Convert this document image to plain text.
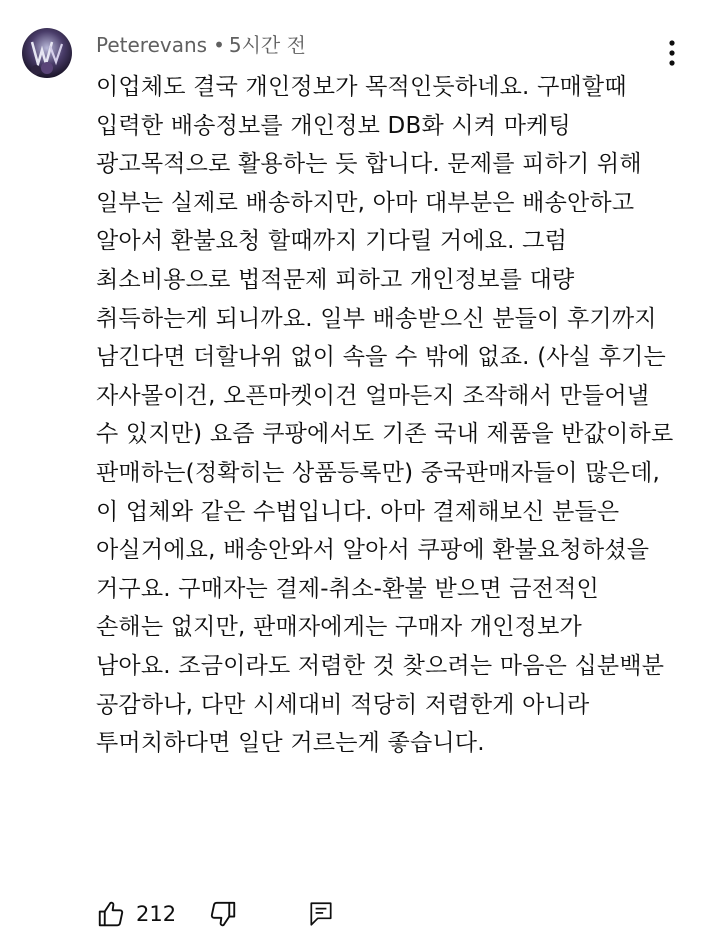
Peterevans • 5시간 전
이업체도 결국 개인정보가 목적인듯하네요. 구매할때
입력한 배송정보를 개인정보 DB화 시켜 마케팅
광고목적으로 활용하는 듯 합니다. 문제를 피하기 위해
일부는 실제로 배송하지만, 아마 대부분은 배송안하고
알아서 환불요청 할때까지 기다릴 거에요. 그럼
최소비용으로 법적문제 피하고 개인정보를 대량
취득하는게 되니까요. 일부 배송받으신 분들이 후기까지
남긴다면 더할나위 없이 속을 수 밖에 없죠. (사실 후기는
자사몰이건, 오픈마켓이건 얼마든지 조작해서 만들어낼
수 있지만) 요즘 쿠팡에서도 기존 국내 제품을 반값이하로
판매하는(정확히는 상품등록만) 중국판매자들이 많은데,
이 업체와 같은 수법입니다. 아마 결제해보신 분들은
아실거에요, 배송안와서 알아서 쿠팡에 환불요청하셨을
거구요. 구매자는 결제-취소-환불 받으면 금전적인
손해는 없지만, 판매자에게는 구매자 개인정보가
남아요. 조금이라도 저렴한 것 찾으려는 마음은 십분백분
공감하나, 다만 시세대비 적당히 저렴한게 아니라
투머치하다면 일단 거르는게 좋습니다.
212
